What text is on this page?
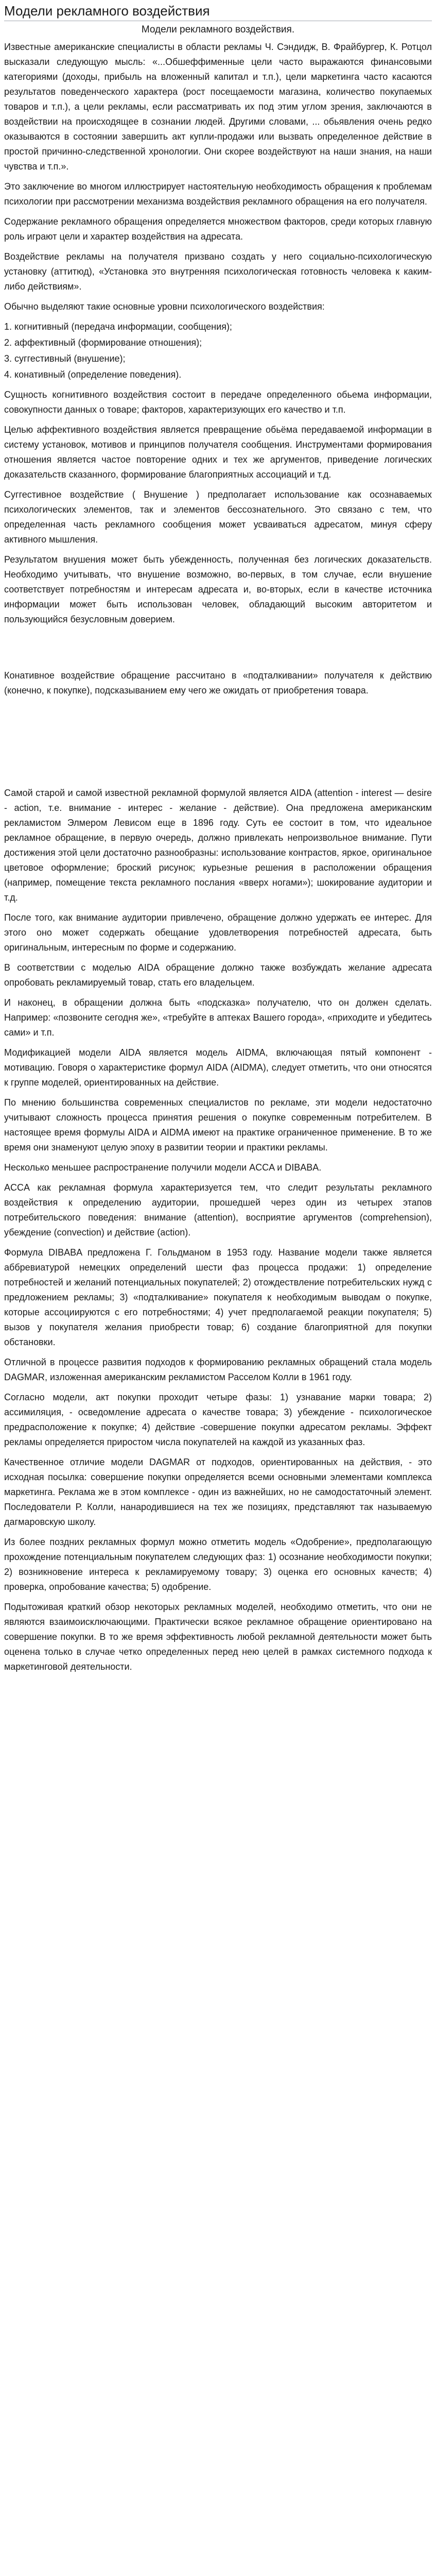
Модели рекламного воздействия
Модели рекламного воздействия.

Известные американские специалисты в области рекламы Ч. Сэндидж, В. Фрайбургер, К. Ротцол высказали следующую мысль: «...Обшеффименные цели часто выражаются финансовыми категориями (доходы, прибыль на вложенный капитал и т.п.), цели маркетинга часто касаются результатов поведенческого характера (рост посещаемости магазина, количество покупаемых товаров и т.п.), а цели рекламы, если рассматривать их под этим углом зрения, заключаются в воздействии на происходящее в сознании людей. Другими словами, ... обьявления очень редко оказываются в состоянии завершить акт купли-продажи или вызвать определенное действие в простой причинно-следственной хронологии. Они скорее воздействуют на наши знания, на наши чувства и т.п.».

Это заключение во многом иллюстрирует настоятельную необходимость обращения к проблемам психологии при рассмотрении механизма воздействия рекламного обращения на его получателя.

Содержание рекламного обращения определяется множеством факторов, среди которых главную роль играют цели и характер воздействия на адресата.

Воздействие рекламы на получателя призвано создать у него социально-психологическую установку (аттитюд), «Установка это внутренняя психологическая готовность человека к каким-либо действиям».

Обычно выделяют такие основные уровни психологического воздействия:

1. когнитивный (передача информации, сообщения);

2. аффективный (формирование отношения);

3. суггестивный (внушение);

4. конативный (определение поведения).

Сущность когнитивного воздействия состоит в передаче определенного обьема информации, совокупности данных о товаре; факторов, характеризующих его качество и т.п.

Целью аффективного воздействия является превращение обьёма передаваемой информации в систему установок, мотивов и принципов получателя сообщения. Инструментами формирования отношения является частое повторение одних и тех же аргументов, приведение логических доказательств сказанного, формирование благоприятных ассоциаций и т.д.

Суггестивное воздействие ( Внушение ) предполагает использование как осознаваемых психологических элементов, так и элементов бессознательного. Это связано с тем, что определенная часть рекламного сообщения может усваиваться адресатом, минуя сферу активного мышления.

Результатом внушения может быть убежденность, полученная без логических доказательств. Необходимо учитывать, что внушение возможно, во-первых, в том случае, если внушение соответствует потребностям и интересам адресата и, во-вторых, если в качестве источника информации может быть использован человек, обладающий высоким авторитетом и пользующийся безусловным доверием.

Конативное воздействие обращение рассчитано в «подталкивании» получателя к действию (конечно, к покупке), подсказыванием ему чего же ожидать от приобретения товара.

Самой старой и самой известной рекламной формулой является AIDA (attention - interest — desire - action, т.е. внимание - интерес - желание - действие). Она предложена американским рекламистом Элмером Левисом еще в 1896 году. Суть ее состоит в том, что идеальное рекламное обращение, в первую очередь, должно привлекать непроизвольное внимание. Пути достижения этой цели достаточно разнообразны: использование контрастов, яркое, оригинальное цветовое оформление; броский рисунок; курьезные решения в расположении обращения (например, помещение текста рекламного послания «вверх ногами»); шокирование аудитории и т.д.

После того, как внимание аудитории привлечено, обращение должно удержать ее интерес. Для этого оно может содержать обещание удовлетворения потребностей адресата, быть оригинальным, интересным по форме и содержанию.

В соответствии с моделью AIDA обращение должно также возбуждать желание адресата опробовать рекламируемый товар, стать его владельцем.

И наконец, в обращении должна быть «подсказка» получателю, что он должен сделать. Например: «позвоните сегодня же», «требуйте в аптеках Вашего города», «приходите и убедитесь сами» и т.п.

Модификацией модели AIDA является модель AIDMA, включающая пятый компонент - мотивацию. Говоря о характеристике формул AIDA (AIDMA), следует отметить, что они относятся к группе моделей, ориентированных на действие.

По мнению большинства современных специалистов по рекламе, эти модели недостаточно учитывают сложность процесса принятия решения о покупке современным потребителем. В настоящее время формулы AIDA и AIDMA имеют на практике ограниченное применение. В то же время они знаменуют целую эпоху в развитии теории и практики рекламы.

Несколько меньшее распространение получили модели ACCA и DIBABA.

ACCA как рекламная формула характеризуется тем, что следит результаты рекламного воздействия к определению аудитории, прошедшей через один из четырех этапов потребительского поведения: внимание (attention), восприятие аргументов (comprehension), убеждение (convection) и действие (action).

Формула DIBABA предложена Г. Гольдманом в 1953 году. Название модели также является аббревиатурой немецких определений шести фаз процесса продажи: 1) определение потребностей и желаний потенциальных покупателей; 2) отождествление потребительских нужд с предложением рекламы; 3) «подталкивание» покупателя к необходимым выводам о покупке, которые ассоциируются с его потребностями; 4) учет предполагаемой реакции покупателя; 5) вызов у покупателя желания приобрести товар; 6) создание благоприятной для покупки обстановки.

Отличной в процессе развития подходов к формированию рекламных обращений стала модель DAGMAR, изложенная американским рекламистом Расселом Колли в 1961 году.

Согласно модели, акт покупки проходит четыре фазы: 1) узнавание марки товара; 2) ассимиляция, - осведомление адресата о качестве товара; 3) убеждение - психологическое предрасположение к покупке; 4) действие -совершение покупки адресатом рекламы. Эффект рекламы определяется приростом числа покупателей на каждой из указанных фаз.

Качественное отличие модели DAGMAR от подходов, ориентированных на действия, - это исходная посылка: совершение покупки определяется всеми основными элементами комплекса маркетинга. Реклама же в этом комплексе - один из важнейших, но не самодостаточный элемент. Последователи Р. Колли, нанародившиеся на тех же позициях, представляют так называемую дагмаровскую школу.

Из более поздних рекламных формул можно отметить модель «Одобрение», предполагающую прохождение потенциальным покупателем следующих фаз: 1) осознание необходимости покупки; 2) возникновение интереса к рекламируемому товару; 3) оценка его основных качеств; 4) проверка, опробование качества; 5) одобрение.

Подытоживая краткий обзор некоторых рекламных моделей, необходимо отметить, что они не являются взаимоисключающими. Практически всякое рекламное обращение ориентировано на совершение покупки. В то же время эффективность любой рекламной деятельности может быть оценена только в случае четко определенных перед нею целей в рамках системного подхода к маркетинговой деятельности.
